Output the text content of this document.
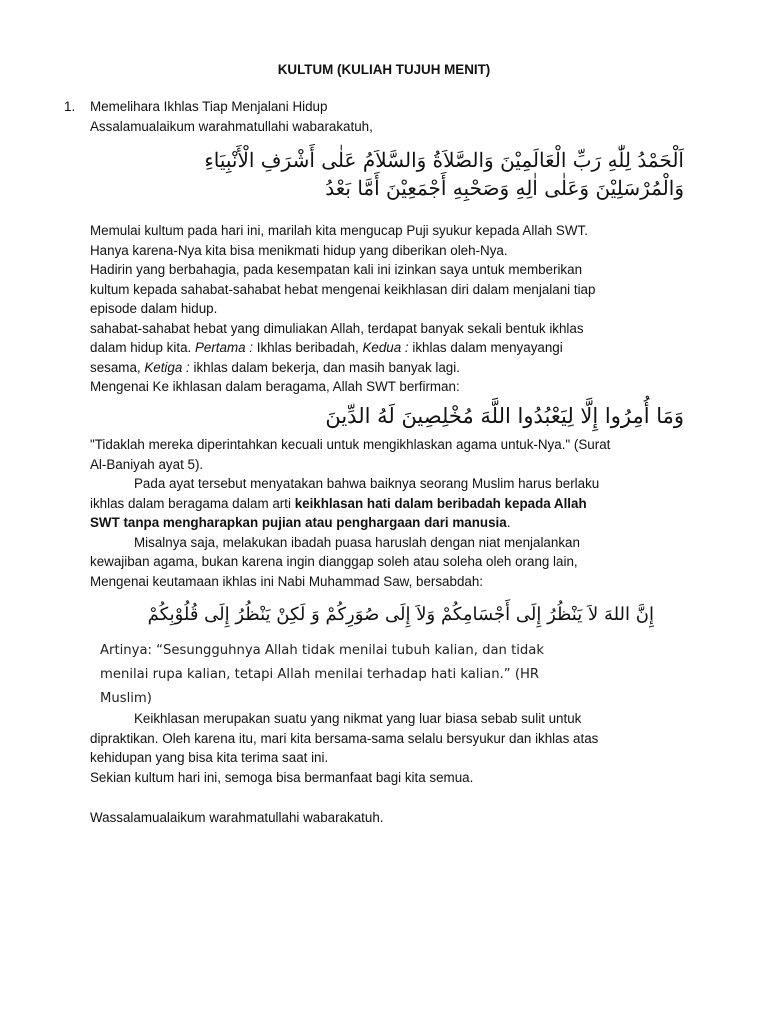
KULTUM (KULIAH TUJUH MENIT)
1. Memelihara Ikhlas Tiap Menjalani Hidup
Assalamualaikum warahmatullahi wabarakatuh,
اَلْحَمْدُ لِلّٰهِ رَبِّ الْعَالَمِيْنَ وَالصَّلاَةُ وَالسَّلاَمُ عَلٰى أَشْرَفِ الْأَنْبِيَاءِ
وَالْمُرْسَلِيْنَ وَعَلٰى اٰلِهِ وَصَحْبِهِ أَجْمَعِيْنَ أَمَّا بَعْدُ
Memulai kultum pada hari ini, marilah kita mengucap Puji syukur kepada Allah SWT.
Hanya karena-Nya kita bisa menikmati hidup yang diberikan oleh-Nya.
Hadirin yang berbahagia, pada kesempatan kali ini izinkan saya untuk memberikan
kultum kepada sahabat-sahabat hebat mengenai keikhlasan diri dalam menjalani tiap
episode dalam hidup.
sahabat-sahabat hebat yang dimuliakan Allah, terdapat banyak sekali bentuk ikhlas
dalam hidup kita. Pertama : Ikhlas beribadah, Kedua : ikhlas dalam menyayangi
sesama, Ketiga : ikhlas dalam bekerja, dan masih banyak lagi.
Mengenai Ke ikhlasan dalam beragama, Allah SWT berfirman:
وَمَا أُمِرُوا إِلَّا لِيَعْبُدُوا اللَّهَ مُخْلِصِينَ لَهُ الدِّينَ
"Tidaklah mereka diperintahkan kecuali untuk mengikhlaskan agama untuk-Nya." (Surat
Al-Baniyah ayat 5).
Pada ayat tersebut menyatakan bahwa baiknya seorang Muslim harus berlaku
ikhlas dalam beragama dalam arti keikhlasan hati dalam beribadah kepada Allah
SWT tanpa mengharapkan pujian atau penghargaan dari manusia.
Misalnya saja, melakukan ibadah puasa haruslah dengan niat menjalankan
kewajiban agama, bukan karena ingin dianggap soleh atau soleha oleh orang lain,
Mengenai keutamaan ikhlas ini Nabi Muhammad Saw, bersabdah:
إِنَّ اللهَ لاَ يَنْظُرُ إِلَى أَجْسَامِكُمْ وَلاَ إِلَى صُوَرِكُمْ وَ لَكِنْ يَنْظُرُ إِلَى قُلُوْبِكُمْ
Artinya: “Sesungguhnya Allah tidak menilai tubuh kalian, dan tidak
menilai rupa kalian, tetapi Allah menilai terhadap hati kalian.” (HR
Muslim)
Keikhlasan merupakan suatu yang nikmat yang luar biasa sebab sulit untuk
dipraktikan. Oleh karena itu, mari kita bersama-sama selalu bersyukur dan ikhlas atas
kehidupan yang bisa kita terima saat ini.
Sekian kultum hari ini, semoga bisa bermanfaat bagi kita semua.
Wassalamualaikum warahmatullahi wabarakatuh.
